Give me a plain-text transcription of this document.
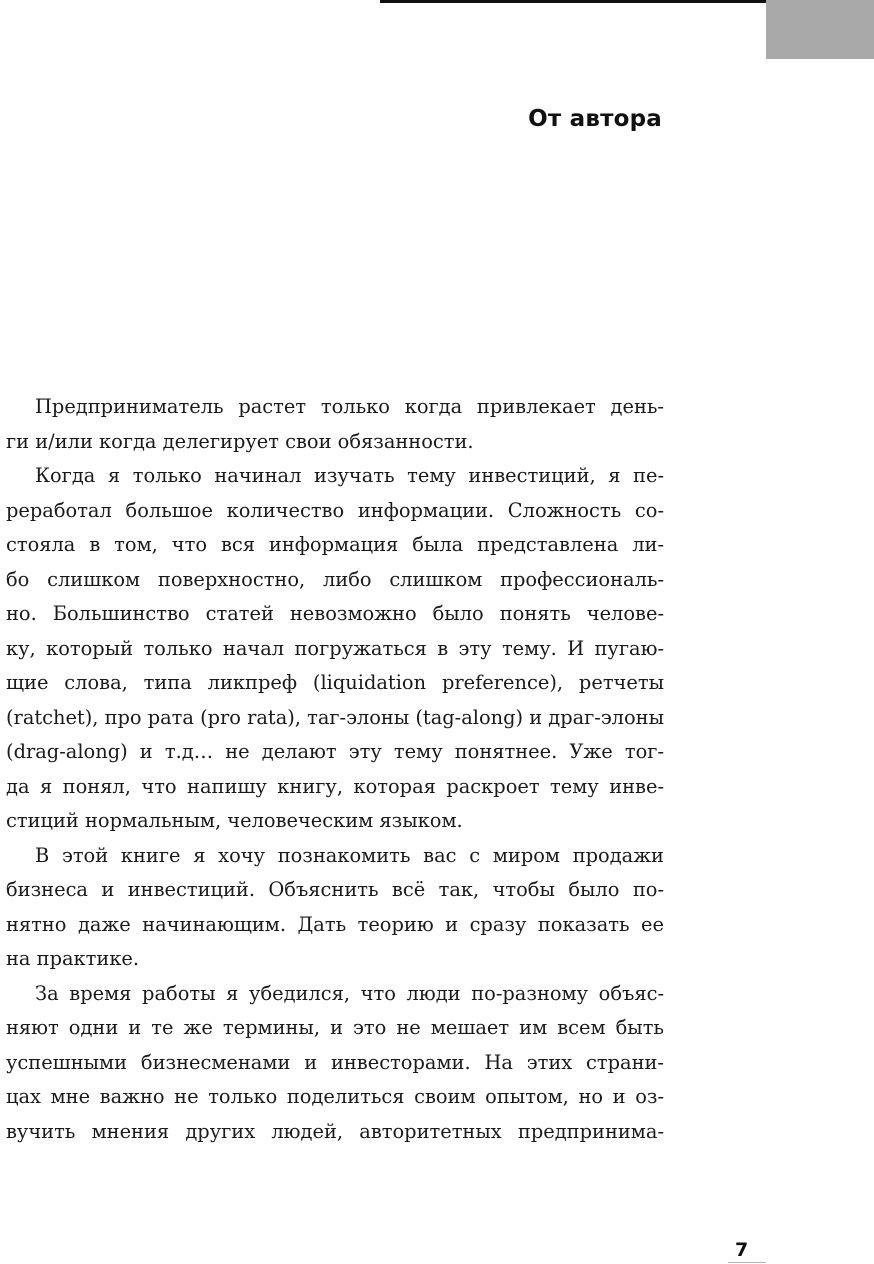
От автора

Предприниматель растет только когда привлекает день-
ги и/или когда делегирует свои обязанности.

Когда я только начинал изучать тему инвестиций, я пе-
реработал большое количество информации. Сложность со-
стояла в том, что вся информация была представлена ли-
бо слишком поверхностно, либо слишком профессиональ-
но. Большинство статей невозможно было понять челове-
ку, который только начал погружаться в эту тему. И пугаю-
щие слова, типа ликпреф (liquidation preference), ретчеты
(ratchet), про рата (pro rata), таг-элоны (tag-along) и драг-элоны
(drag-along) и т.д… не делают эту тему понятнее. Уже тог-
да я понял, что напишу книгу, которая раскроет тему инве-
стиций нормальным, человеческим языком.

В этой книге я хочу познакомить вас с миром продажи
бизнеса и инвестиций. Объяснить всё так, чтобы было по-
нятно даже начинающим. Дать теорию и сразу показать ее
на практике.

За время работы я убедился, что люди по-разному объяс-
няют одни и те же термины, и это не мешает им всем быть
успешными бизнесменами и инвесторами. На этих страни-
цах мне важно не только поделиться своим опытом, но и оз-
вучить мнения других людей, авторитетных предпринима-

7
